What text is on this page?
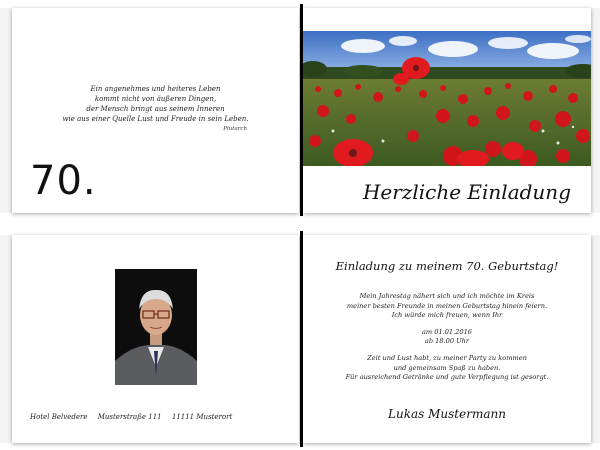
Ein angenehmes und heiteres Leben
kommt nicht von äußeren Dingen,
der Mensch bringt aus seinem Inneren
wie aus einer Quelle Lust und Freude in sein Leben.
Plutarch
70.	Herzliche Einladung
Hotel Belvedere Musterstraße 111 11111 Musterort
Einladung zu meinem 70. Geburtstag!
Mein Jahrestag nähert sich und ich möchte im Kreis
meiner besten Freunde in meinen Geburtstag hinein feiern.
Ich würde mich freuen, wenn Ihr
am 01.01.2016
ab 18.00 Uhr
Zeit und Lust habt, zu meiner Party zu kommen
und gemeinsam Spaß zu haben.
Für ausreichend Getränke und gute Verpflegung ist gesorgt.
Lukas Mustermann
